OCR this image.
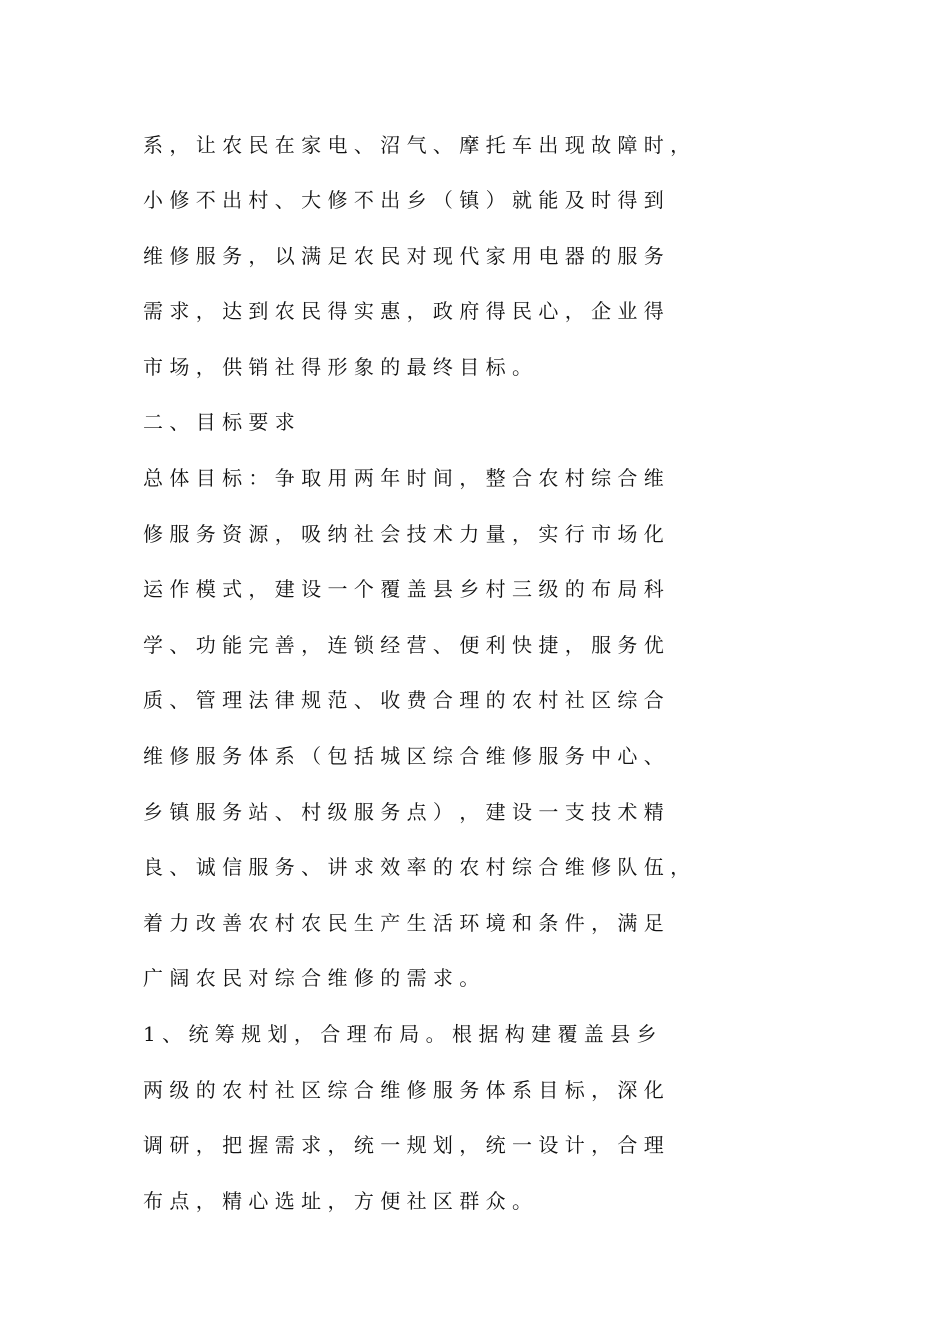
系 ， 让 农 民 在 家 电 、 沼 气 、 摩 托 车 出 现 故 障 时 ，
小 修 不 出 村 、 大 修 不 出 乡 （ 镇 ） 就 能 及 时 得 到
维 修 服 务 ， 以 满 足 农 民 对 现 代 家 用 电 器 的 服 务
需 求 ， 达 到 农 民 得 实 惠 ， 政 府 得 民 心 ， 企 业 得
市 场 ， 供 销 社 得 形 象 的 最 终 目 标 。
二 、 目 标 要 求
总 体 目 标 ： 争 取 用 两 年 时 间 ， 整 合 农 村 综 合 维
修 服 务 资 源 ， 吸 纳 社 会 技 术 力 量 ， 实 行 市 场 化
运 作 模 式 ， 建 设 一 个 覆 盖 县 乡 村 三 级 的 布 局 科
学 、 功 能 完 善 ， 连 锁 经 营 、 便 利 快 捷 ， 服 务 优
质 、 管 理 法 律 规 范 、 收 费 合 理 的 农 村 社 区 综 合
维 修 服 务 体 系 （ 包 括 城 区 综 合 维 修 服 务 中 心 、
乡 镇 服 务 站 、 村 级 服 务 点 ） ， 建 设 一 支 技 术 精
良 、 诚 信 服 务 、 讲 求 效 率 的 农 村 综 合 维 修 队 伍 ，
着 力 改 善 农 村 农 民 生 产 生 活 环 境 和 条 件 ， 满 足
广 阔 农 民 对 综 合 维 修 的 需 求 。
1 、 统 筹 规 划 ， 合 理 布 局 。 根 据 构 建 覆 盖 县 乡
两 级 的 农 村 社 区 综 合 维 修 服 务 体 系 目 标 ， 深 化
调 研 ， 把 握 需 求 ， 统 一 规 划 ， 统 一 设 计 ， 合 理
布 点 ， 精 心 选 址 ， 方 便 社 区 群 众 。
